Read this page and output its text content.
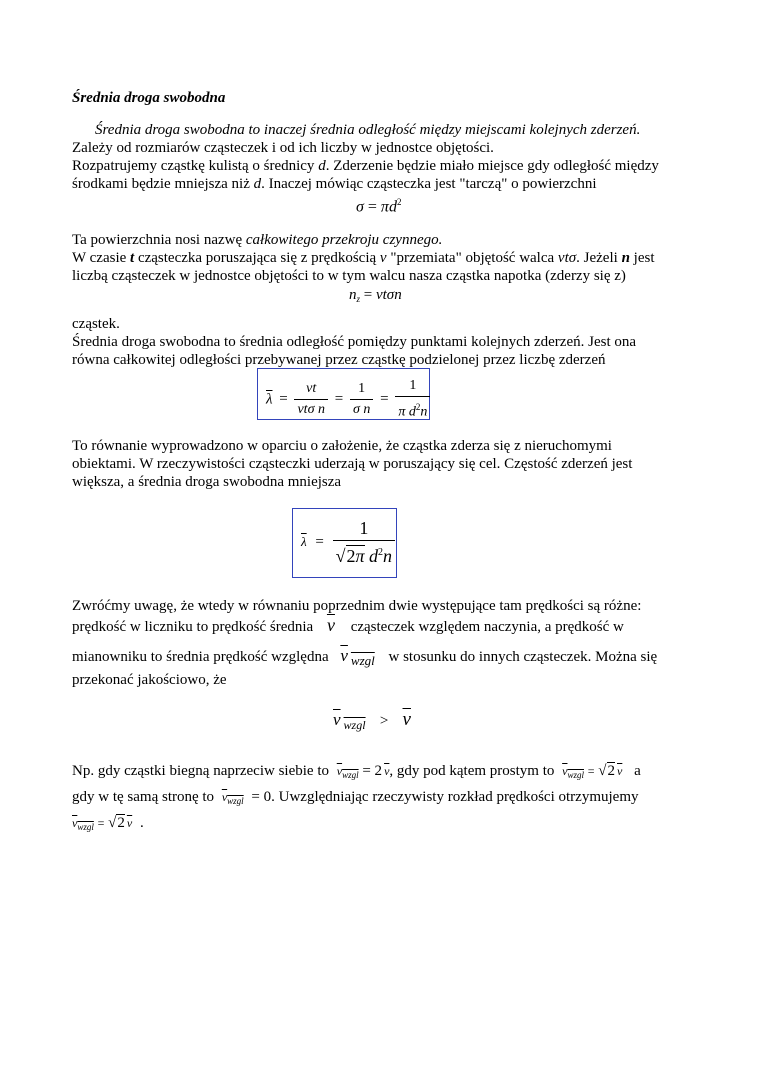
Średnia droga swobodna
Średnia droga swobodna to inaczej średnia odległość między miejscami kolejnych zderzeń.
Zależy od rozmiarów cząsteczek i od ich liczby w jednostce objętości.
Rozpatrujemy cząstkę kulistą o średnicy d. Zderzenie będzie miało miejsce gdy odległość między
środkami będzie mniejsza niż d. Inaczej mówiąc cząsteczka jest "tarczą" o powierzchni
$\sigma = \pi d^2$
Ta powierzchnia nosi nazwę całkowitego przekroju czynnego.
W czasie t cząsteczka poruszająca się z prędkością v "przemiata" objętość walca vtσ. Jeżeli n jest
liczbą cząsteczek w jednostce objętości to w tym walcu nasza cząstka napotka (zderzy się z)
$n_z = vt\sigma n$
cząstek.
Średnia droga swobodna to średnia odległość pomiędzy punktami kolejnych zderzeń. Jest ona
równa całkowitej odległości przebywanej przez cząstkę podzielonej przez liczbę zderzeń
$\overline{\lambda} = \frac{vt}{\text{vtσ n}} = \frac{1}{\text{σ n}} = \frac{1}{\pi d^2n}$
To równanie wyprowadzono w oparciu o założenie, że cząstka zderza się z nieruchomymi
obiektami. W rzeczywistości cząsteczki uderzają w poruszający się cel. Częstość zderzeń jest
większa, a średnia droga swobodna mniejsza
$\overline{\lambda} = \frac{1}{√2\pi d^2n}$
Zwróćmy uwagę, że wtedy w równaniu poprzednim dwie występujące tam prędkości są różne:
prędkość w liczniku to prędkość średnia $\overline{v}$ cząsteczek względem naczynia, a prędkość w
mianowniku to średnia prędkość względna v $_{wzgl}$ w stosunku do innych cząsteczek. Można się
przekonać jakościowo, że
v $_{wzgl} > \overline{v}$
Np. gdy cząstki biegną naprzeciw siebie to $v_{wzgl} = 2$ $\overline{v}$, gdy pod kątem prostym to $v_{wzgl} = √2$ $\overline{v}$ a
gdy w tę samą stronę to $v_{wzgl} = 0$. Uwzględniając rzeczywisty rozkład prędkości otrzymujemy
$v_{wzgl} = √2$ $\overline{v}$ .
